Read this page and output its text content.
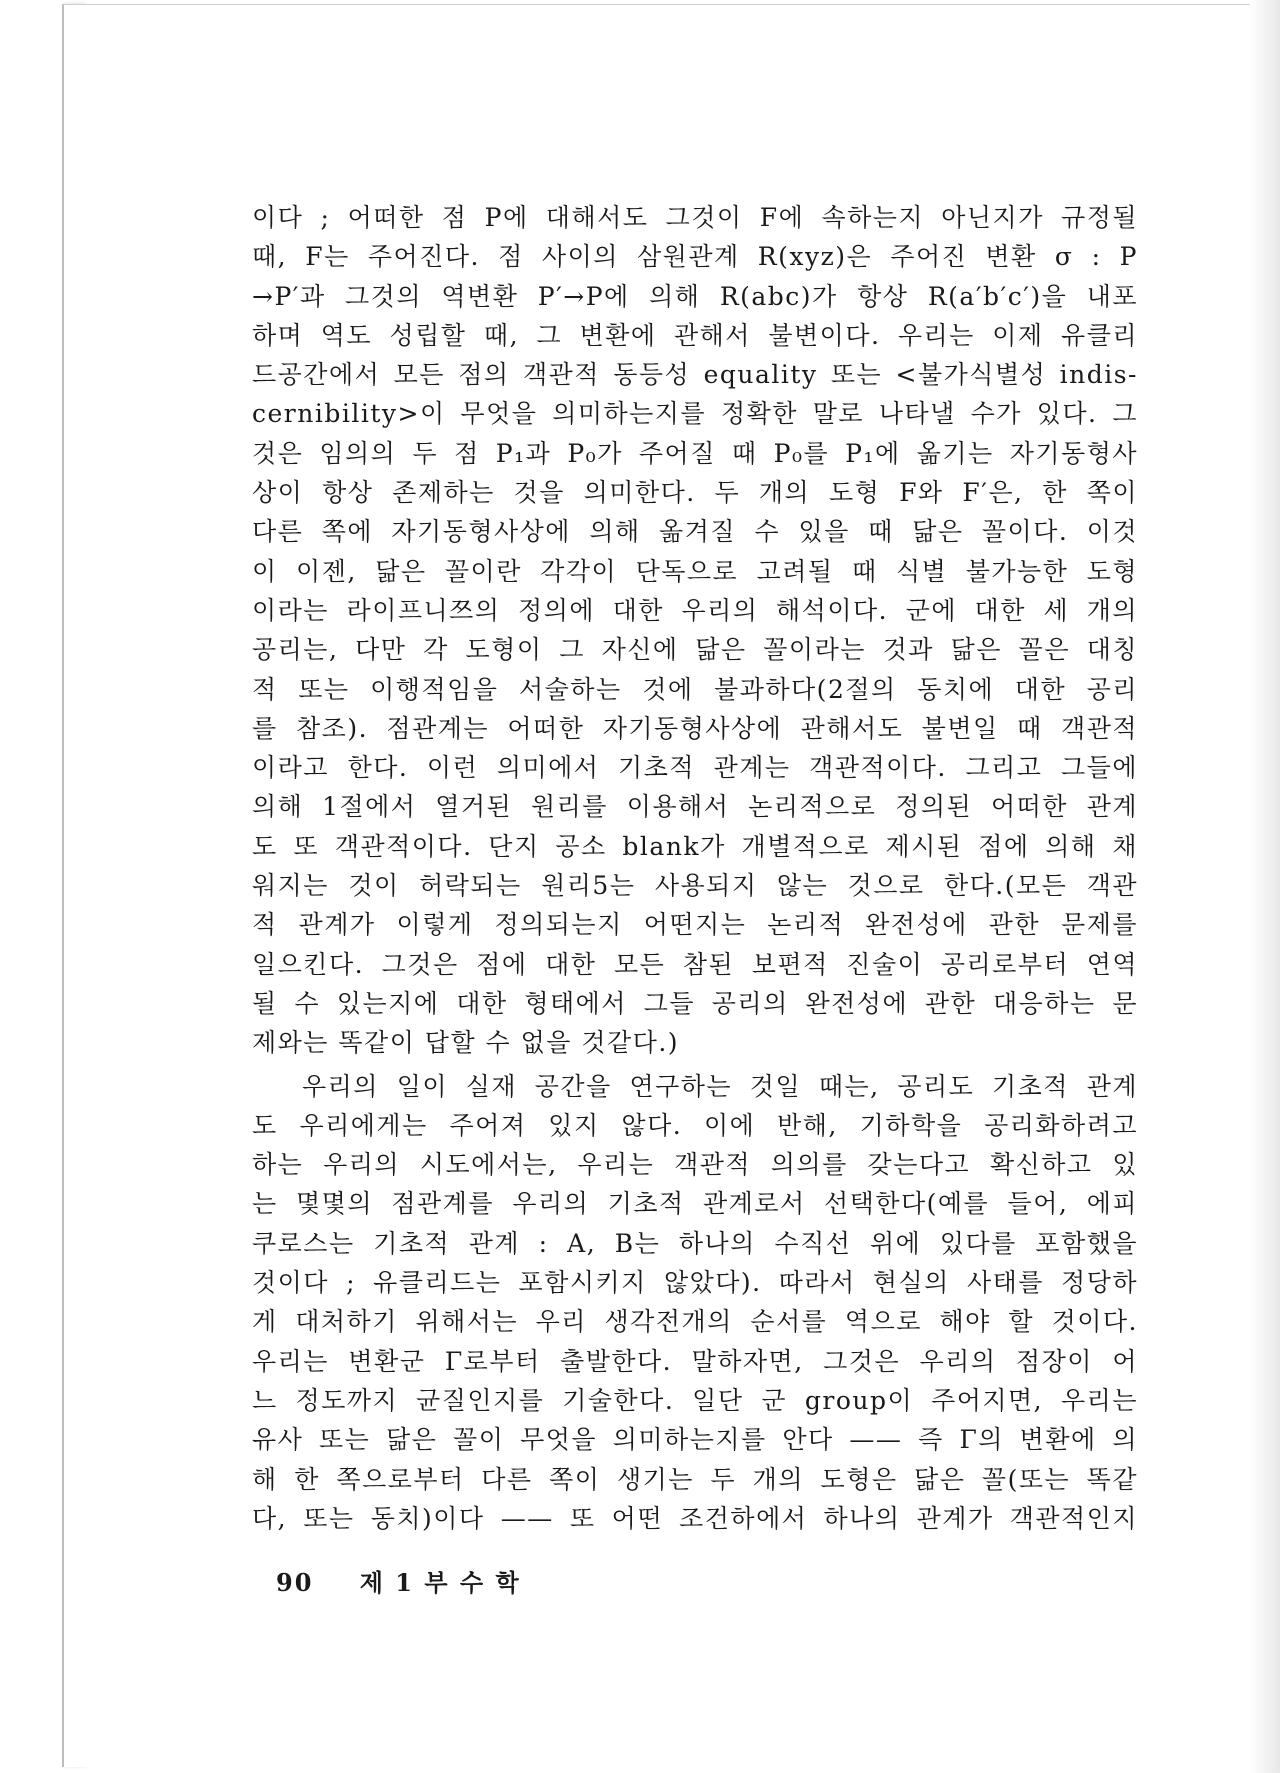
이다 ; 어떠한 점 P에 대해서도 그것이 F에 속하는지 아닌지가 규정될
때, F는 주어진다. 점 사이의 삼원관계 R(xyz)은 주어진 변환 σ : P
→P′과 그것의 역변환 P′→P에 의해 R(abc)가 항상 R(a′b′c′)을 내포
하며 역도 성립할 때, 그 변환에 관해서 불변이다. 우리는 이제 유클리
드공간에서 모든 점의 객관적 동등성 equality 또는 <불가식별성 indis-
cernibility>이 무엇을 의미하는지를 정확한 말로 나타낼 수가 있다. 그
것은 임의의 두 점 P₁과 P₀가 주어질 때 P₀를 P₁에 옮기는 자기동형사
상이 항상 존제하는 것을 의미한다. 두 개의 도형 F와 F′은, 한 쪽이
다른 쪽에 자기동형사상에 의해 옮겨질 수 있을 때 닮은 꼴이다. 이것
이 이젠, 닮은 꼴이란 각각이 단독으로 고려될 때 식별 불가능한 도형
이라는 라이프니쯔의 정의에 대한 우리의 해석이다. 군에 대한 세 개의
공리는, 다만 각 도형이 그 자신에 닮은 꼴이라는 것과 닮은 꼴은 대칭
적 또는 이행적임을 서술하는 것에 불과하다(2절의 동치에 대한 공리
를 참조). 점관계는 어떠한 자기동형사상에 관해서도 불변일 때 객관적
이라고 한다. 이런 의미에서 기초적 관계는 객관적이다. 그리고 그들에
의해 1절에서 열거된 원리를 이용해서 논리적으로 정의된 어떠한 관계
도 또 객관적이다. 단지 공소 blank가 개별적으로 제시된 점에 의해 채
워지는 것이 허락되는 원리5는 사용되지 않는 것으로 한다.(모든 객관
적 관계가 이렇게 정의되는지 어떤지는 논리적 완전성에 관한 문제를
일으킨다. 그것은 점에 대한 모든 참된 보편적 진술이 공리로부터 연역
될 수 있는지에 대한 형태에서 그들 공리의 완전성에 관한 대응하는 문
제와는 똑같이 답할 수 없을 것같다.)
우리의 일이 실재 공간을 연구하는 것일 때는, 공리도 기초적 관계
도 우리에게는 주어져 있지 않다. 이에 반해, 기하학을 공리화하려고
하는 우리의 시도에서는, 우리는 객관적 의의를 갖는다고 확신하고 있
는 몇몇의 점관계를 우리의 기초적 관계로서 선택한다(예를 들어, 에피
쿠로스는 기초적 관계 : A, B는 하나의 수직선 위에 있다를 포함했을
것이다 ; 유클리드는 포함시키지 않았다). 따라서 현실의 사태를 정당하
게 대처하기 위해서는 우리 생각전개의 순서를 역으로 해야 할 것이다.
우리는 변환군 Γ로부터 출발한다. 말하자면, 그것은 우리의 점장이 어
느 정도까지 균질인지를 기술한다. 일단 군 group이 주어지면, 우리는
유사 또는 닮은 꼴이 무엇을 의미하는지를 안다 —— 즉 Γ의 변환에 의
해 한 쪽으로부터 다른 쪽이 생기는 두 개의 도형은 닮은 꼴(또는 똑같
다, 또는 동치)이다 —— 또 어떤 조건하에서 하나의 관계가 객관적인지
90 제 1 부 수 학
